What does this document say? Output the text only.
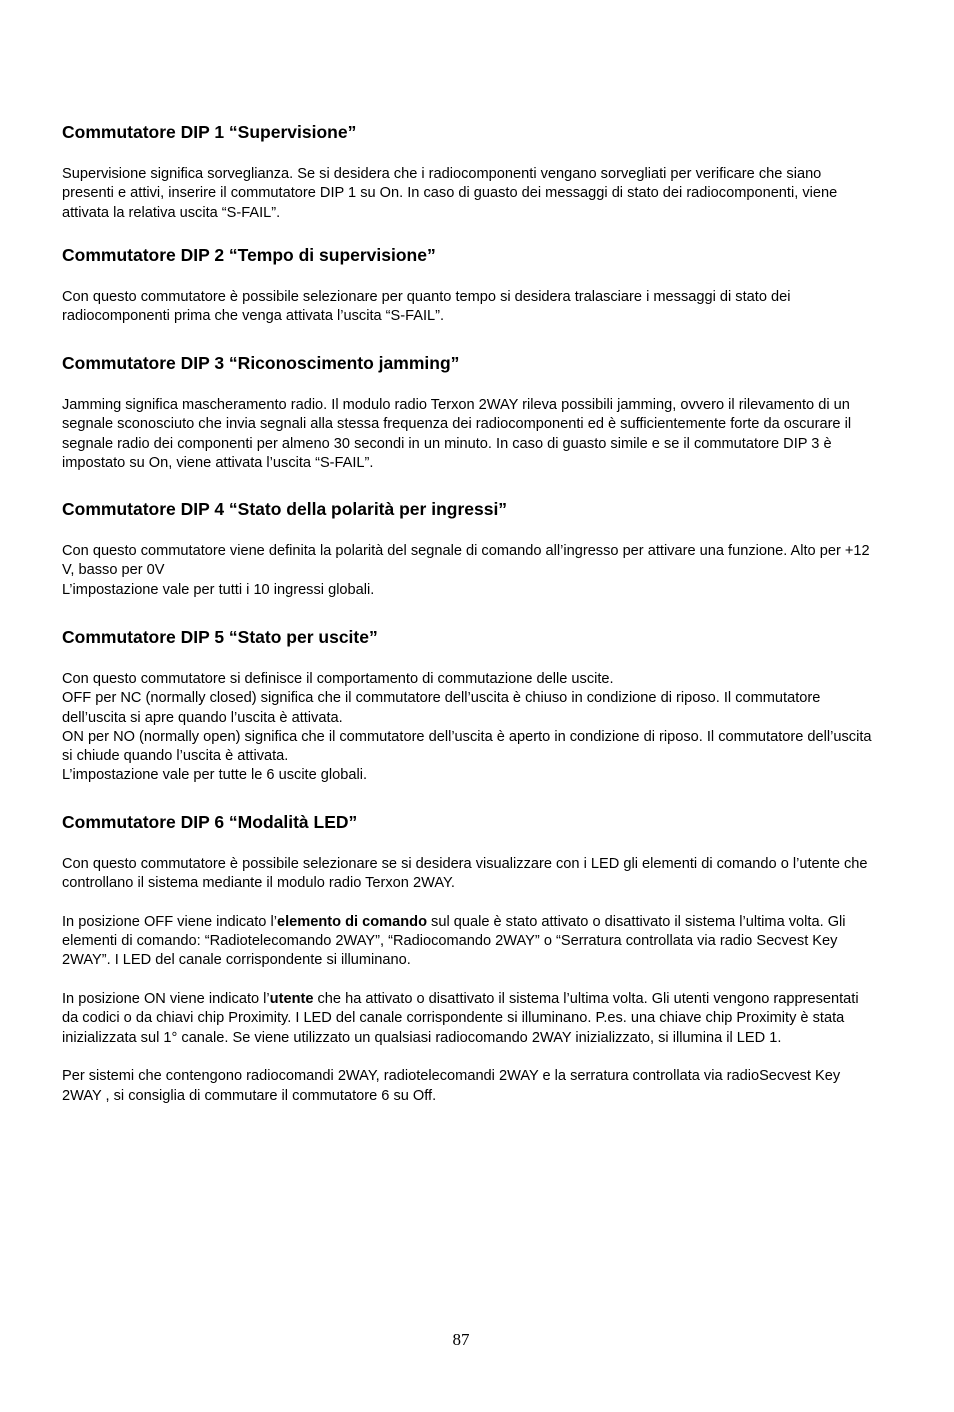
Commutatore DIP 1 “Supervisione”

Supervisione significa sorveglianza. Se si desidera che i radiocomponenti vengano sorvegliati per verificare che siano presenti e attivi, inserire il commutatore DIP 1 su On. In caso di guasto dei messaggi di stato dei radiocomponenti, viene attivata la relativa uscita “S-FAIL”.

Commutatore DIP 2 “Tempo di supervisione”

Con questo commutatore è possibile selezionare per quanto tempo si desidera tralasciare i messaggi di stato dei radiocomponenti prima che venga attivata l’uscita “S-FAIL”.

Commutatore DIP 3 “Riconoscimento jamming”

Jamming significa mascheramento radio. Il modulo radio Terxon 2WAY rileva possibili jamming, ovvero il rilevamento di un segnale sconosciuto che invia segnali alla stessa frequenza dei radiocomponenti ed è sufficientemente forte da oscurare il segnale radio dei componenti per almeno 30 secondi in un minuto. In caso di guasto simile e se il commutatore DIP 3 è impostato su On, viene attivata l’uscita “S-FAIL”.

Commutatore DIP 4 “Stato della polarità per ingressi”

Con questo commutatore viene definita la polarità del segnale di comando all’ingresso per attivare una funzione. Alto per +12 V, basso per 0V

L’impostazione vale per tutti i 10 ingressi globali.

Commutatore DIP 5 “Stato per uscite”

Con questo commutatore si definisce il comportamento di commutazione delle uscite.

OFF per NC (normally closed) significa che il commutatore dell’uscita è chiuso in condizione di riposo. Il commutatore dell’uscita si apre quando l’uscita è attivata.

ON per NO (normally open) significa che il commutatore dell’uscita è aperto in condizione di riposo. Il commutatore dell’uscita si chiude quando l’uscita è attivata.

L’impostazione vale per tutte le 6 uscite globali.

Commutatore DIP 6 “Modalità LED”

Con questo commutatore è possibile selezionare se si desidera visualizzare con i LED gli elementi di comando o l’utente che controllano il sistema mediante il modulo radio Terxon 2WAY.

In posizione OFF viene indicato l’elemento di comando sul quale è stato attivato o disattivato il sistema l’ultima volta. Gli elementi di comando: “Radiotelecomando 2WAY”, “Radiocomando 2WAY” o “Serratura controllata via radio Secvest Key 2WAY”. I LED del canale corrispondente si illuminano.

In posizione ON viene indicato l’utente che ha attivato o disattivato il sistema l’ultima volta. Gli utenti vengono rappresentati da codici o da chiavi chip Proximity. I LED del canale corrispondente si illuminano. P.es. una chiave chip Proximity è stata inizializzata sul 1° canale. Se viene utilizzato un qualsiasi radiocomando 2WAY inizializzato, si illumina il LED 1.

Per sistemi che contengono radiocomandi 2WAY, radiotelecomandi 2WAY e la serratura controllata via radioSecvest Key 2WAY , si consiglia di commutare il commutatore 6 su Off.

87
